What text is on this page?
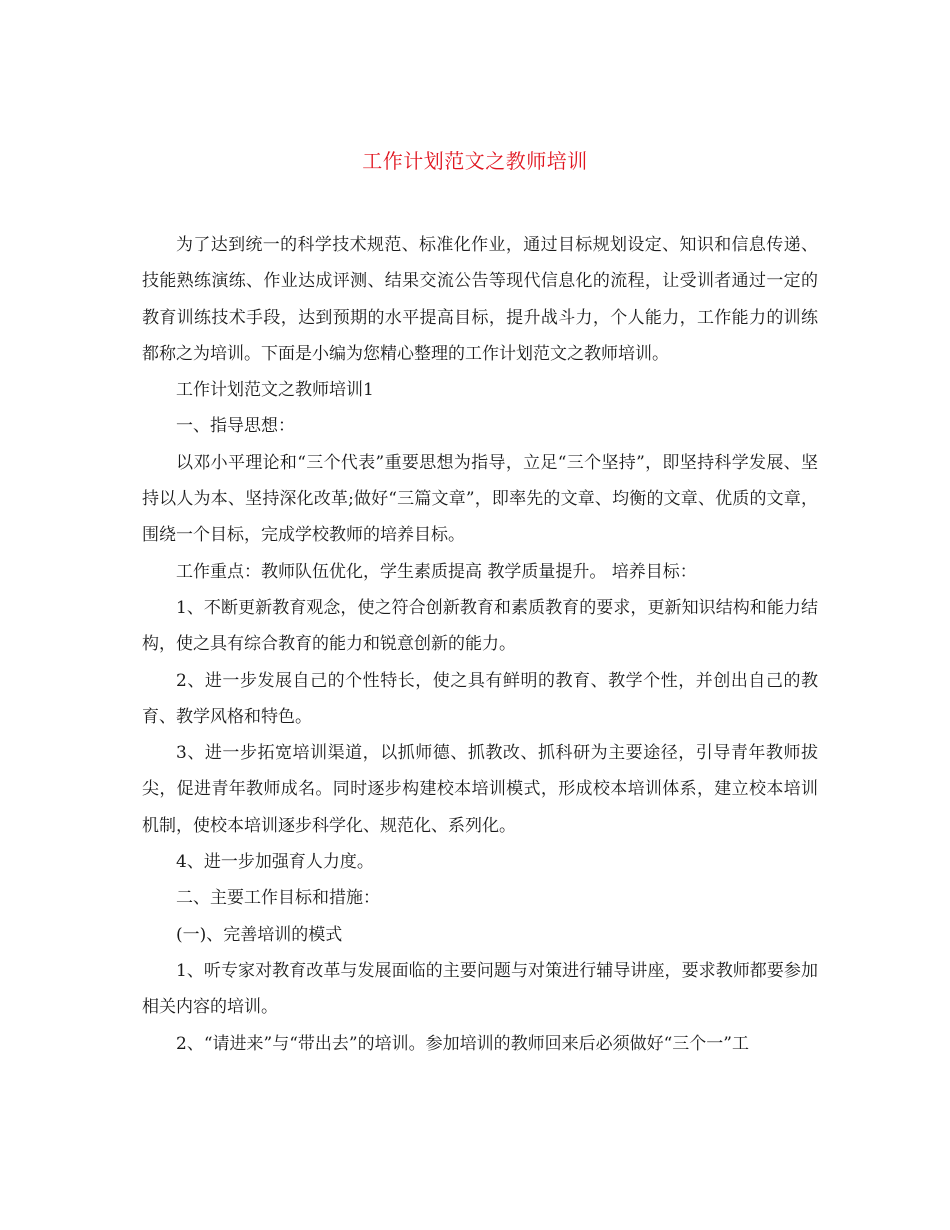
工作计划范文之教师培训

为了达到统一的科学技术规范、标准化作业，通过目标规划设定、知识和信息传递、技能熟练演练、作业达成评测、结果交流公告等现代信息化的流程，让受训者通过一定的教育训练技术手段，达到预期的水平提高目标，提升战斗力，个人能力，工作能力的训练都称之为培训。下面是小编为您精心整理的工作计划范文之教师培训。

工作计划范文之教师培训1

一、指导思想：

以邓小平理论和“三个代表”重要思想为指导，立足“三个坚持”，即坚持科学发展、坚持以人为本、坚持深化改革;做好“三篇文章”，即率先的文章、均衡的文章、优质的文章，围绕一个目标，完成学校教师的培养目标。

工作重点：教师队伍优化，学生素质提高 教学质量提升。 培养目标：

1、不断更新教育观念，使之符合创新教育和素质教育的要求，更新知识结构和能力结构，使之具有综合教育的能力和锐意创新的能力。

2、进一步发展自己的个性特长，使之具有鲜明的教育、教学个性，并创出自己的教育、教学风格和特色。

3、进一步拓宽培训渠道，以抓师德、抓教改、抓科研为主要途径，引导青年教师拔尖，促进青年教师成名。同时逐步构建校本培训模式，形成校本培训体系，建立校本培训机制，使校本培训逐步科学化、规范化、系列化。

4、进一步加强育人力度。

二、主要工作目标和措施：

(一)、完善培训的模式

1、听专家对教育改革与发展面临的主要问题与对策进行辅导讲座，要求教师都要参加相关内容的培训。

2、“请进来”与“带出去”的培训。参加培训的教师回来后必须做好“三个一”工
